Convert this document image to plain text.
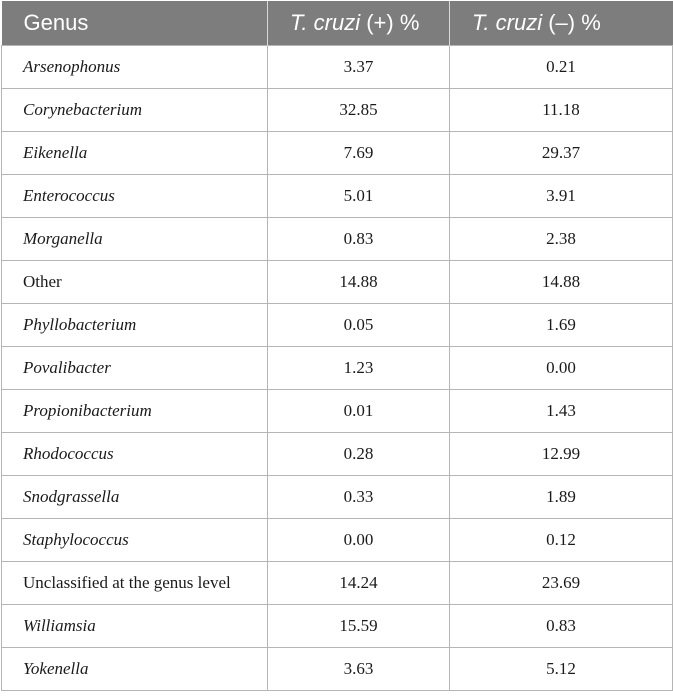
Genus	T. cruzi (+) %	T. cruzi (–) %
Arsenophonus	3.37	0.21
Corynebacterium	32.85	11.18
Eikenella	7.69	29.37
Enterococcus	5.01	3.91
Morganella	0.83	2.38
Other	14.88	14.88
Phyllobacterium	0.05	1.69
Povalibacter	1.23	0.00
Propionibacterium	0.01	1.43
Rhodococcus	0.28	12.99
Snodgrassella	0.33	1.89
Staphylococcus	0.00	0.12
Unclassified at the genus level	14.24	23.69
Williamsia	15.59	0.83
Yokenella	3.63	5.12
